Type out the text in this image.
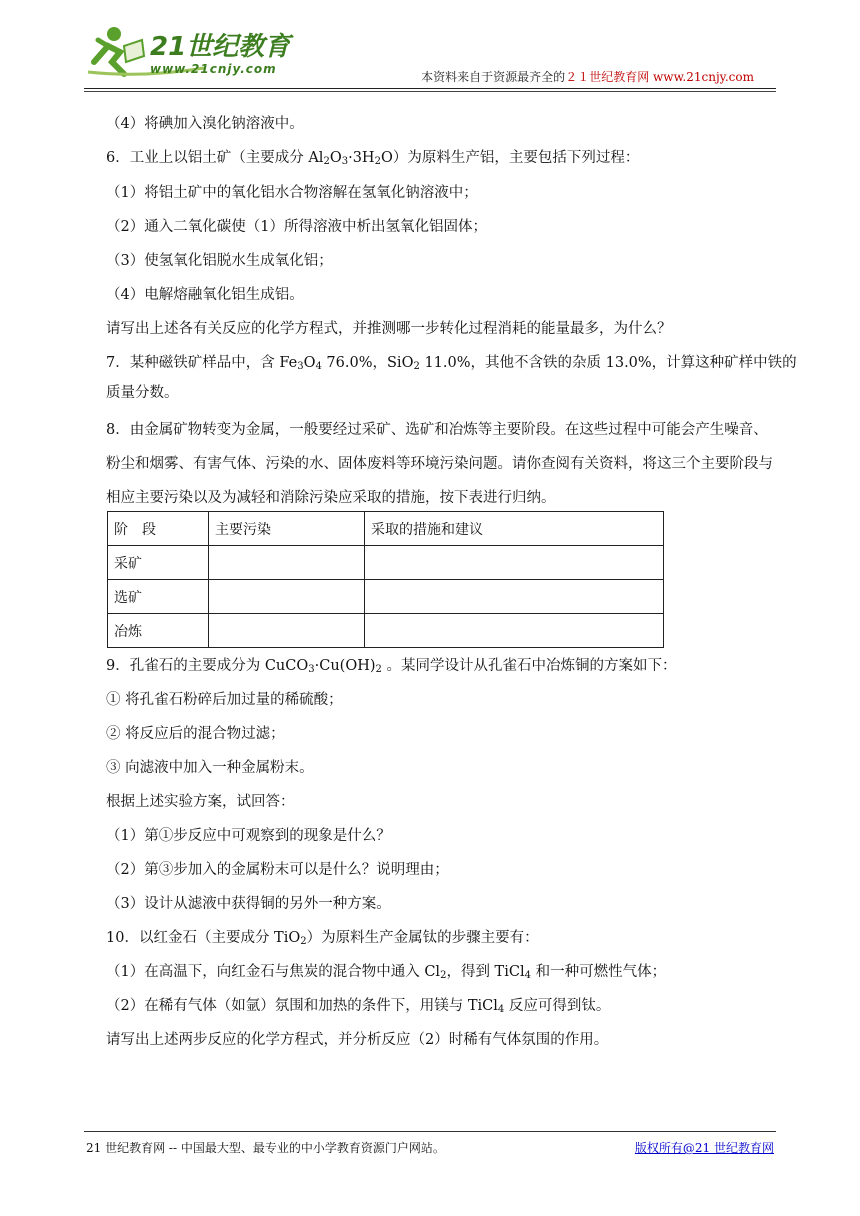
21世纪教育
www.21cnjy.com
本资料来自于资源最齐全的２１世纪教育网 www.21cnjy.com
（4）将碘加入溴化钠溶液中。
6．工业上以铝土矿（主要成分 $Al_2O_3\cdot 3H_2O$）为原料生产铝，主要包括下列过程：
（1）将铝土矿中的氧化铝水合物溶解在氢氧化钠溶液中；
（2）通入二氧化碳使（1）所得溶液中析出氢氧化铝固体；
（3）使氢氧化铝脱水生成氧化铝；
（4）电解熔融氧化铝生成铝。
请写出上述各有关反应的化学方程式，并推测哪一步转化过程消耗的能量最多，为什么？
7．某种磁铁矿样品中，含 $Fe_3O_4$ 76.0%，SiO$_2$ 11.0%，其他不含铁的杂质 13.0%，计算这种矿样中铁的
质量分数。
8．由金属矿物转变为金属，一般要经过采矿、选矿和冶炼等主要阶段。在这些过程中可能会产生噪音、
粉尘和烟雾、有害气体、污染的水、固体废料等环境污染问题。请你查阅有关资料，将这三个主要阶段与
相应主要污染以及为减轻和消除污染应采取的措施，按下表进行归纳。
阶　段	主要污染	采取的措施和建议
采矿		
选矿		
冶炼		
9．孔雀石的主要成分为 $CuCO_3\cdot Cu(OH)_2$ 。某同学设计从孔雀石中冶炼铜的方案如下：
① 将孔雀石粉碎后加过量的稀硫酸；
② 将反应后的混合物过滤；
③ 向滤液中加入一种金属粉末。
根据上述实验方案，试回答：
（1）第①步反应中可观察到的现象是什么？
（2）第③步加入的金属粉末可以是什么？说明理由；
（3）设计从滤液中获得铜的另外一种方案。
10．以红金石（主要成分 TiO$_2$）为原料生产金属钛的步骤主要有：
（1）在高温下，向红金石与焦炭的混合物中通入 $Cl_2$，得到 TiCl$_4$ 和一种可燃性气体；
（2）在稀有气体（如氩）氛围和加热的条件下，用镁与 TiCl$_4$ 反应可得到钛。
请写出上述两步反应的化学方程式，并分析反应（2）时稀有气体氛围的作用。
21 世纪教育网 -- 中国最大型、最专业的中小学教育资源门户网站。	版权所有@21 世纪教育网
